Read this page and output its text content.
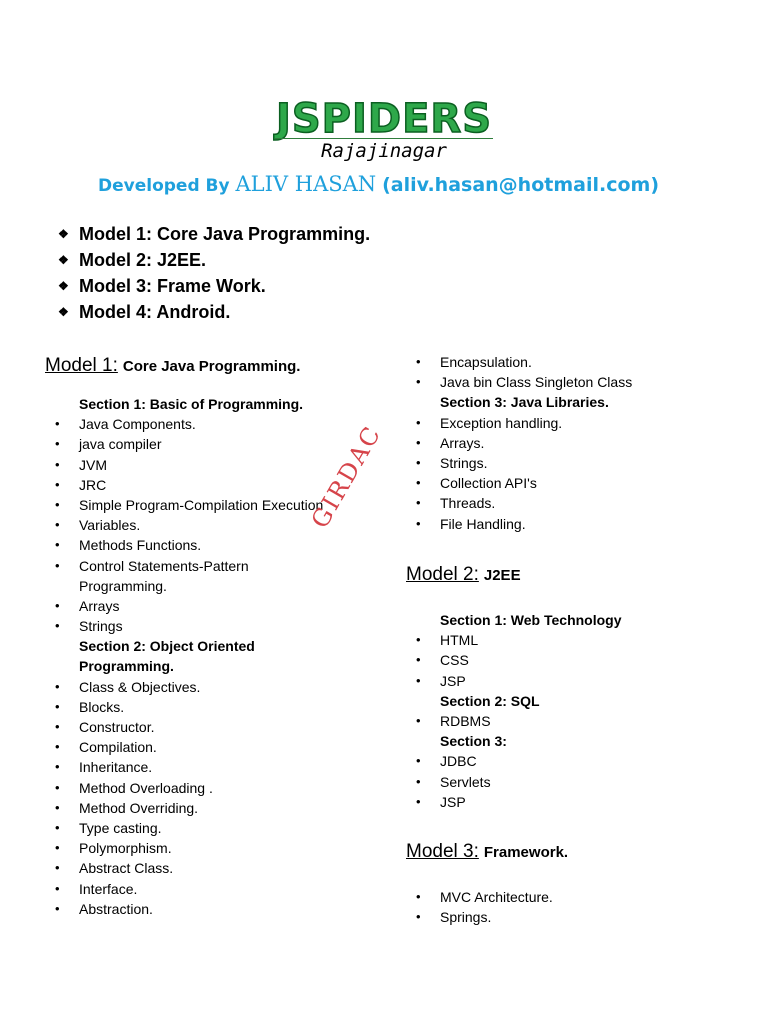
JSPIDERS
Rajajinagar
Developed By ALIV HASAN (aliv.hasan@hotmail.com)
❖ Model 1: Core Java Programming.
❖ Model 2: J2EE.
❖ Model 3: Frame Work.
❖ Model 4: Android.
Model 1: Core Java Programming.
Section 1: Basic of Programming.
• Java Components.
• java compiler
• JVM
• JRC
• Simple Program-Compilation Execution
• Variables.
• Methods Functions.
• Control Statements-Pattern
Programming.
• Arrays
• Strings
Section 2: Object Oriented
Programming.
• Class & Objectives.
• Blocks.
• Constructor.
• Compilation.
• Inheritance.
• Method Overloading .
• Method Overriding.
• Type casting.
• Polymorphism.
• Abstract Class.
• Interface.
• Abstraction.
• Encapsulation.
• Java bin Class Singleton Class
Section 3: Java Libraries.
• Exception handling.
• Arrays.
• Strings.
• Collection API's
• Threads.
• File Handling.
Model 2: J2EE
Section 1: Web Technology
• HTML
• CSS
• JSP
Section 2: SQL
• RDBMS
Section 3:
• JDBC
• Servlets
• JSP
Model 3: Framework.
• MVC Architecture.
• Springs.
GIRDAC
